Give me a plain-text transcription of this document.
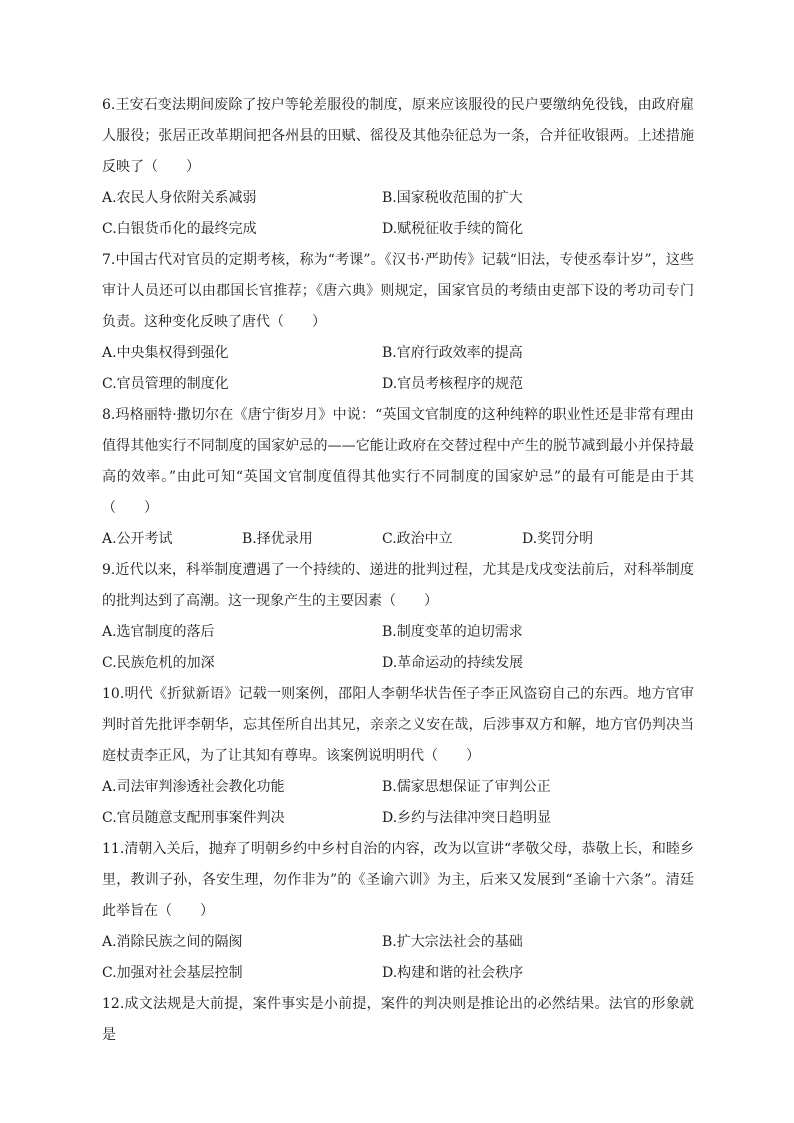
6.王安石变法期间废除了按户等轮差服役的制度，原来应该服役的民户要缴纳免役钱，由政府雇人服役；张居正改革期间把各州县的田赋、徭役及其他杂征总为一条，合并征收银两。上述措施反映了（　　）

A.农民人身依附关系减弱	B.国家税收范围的扩大
C.白银货币化的最终完成	D.赋税征收手续的简化

7.中国古代对官员的定期考核，称为“考课”。《汉书·严助传》记载“旧法，专使丞奉计岁”，这些审计人员还可以由郡国长官推荐；《唐六典》则规定，国家官员的考绩由吏部下设的考功司专门负责。这种变化反映了唐代（　　）

A.中央集权得到强化	B.官府行政效率的提高
C.官员管理的制度化	D.官员考核程序的规范

8.玛格丽特·撒切尔在《唐宁街岁月》中说：“英国文官制度的这种纯粹的职业性还是非常有理由值得其他实行不同制度的国家妒忌的——它能让政府在交替过程中产生的脱节减到最小并保持最高的效率。”由此可知“英国文官制度值得其他实行不同制度的国家妒忌”的最有可能是由于其（　　）

A.公开考试	B.择优录用	C.政治中立	D.奖罚分明

9.近代以来，科举制度遭遇了一个持续的、递进的批判过程，尤其是戊戌变法前后，对科举制度的批判达到了高潮。这一现象产生的主要因素（　　）

A.选官制度的落后	B.制度变革的迫切需求
C.民族危机的加深	D.革命运动的持续发展

10.明代《折狱新语》记载一则案例，邵阳人李朝华状告侄子李正风盗窃自己的东西。地方官审判时首先批评李朝华，忘其侄所自出其兄，亲亲之义安在哉，后涉事双方和解，地方官仍判决当庭杖责李正风，为了让其知有尊卑。该案例说明明代（　　）

A.司法审判渗透社会教化功能	B.儒家思想保证了审判公正
C.官员随意支配刑事案件判决	D.乡约与法律冲突日趋明显

11.清朝入关后，抛弃了明朝乡约中乡村自治的内容，改为以宣讲“孝敬父母，恭敬上长，和睦乡里，教训子孙，各安生理，勿作非为”的《圣谕六训》为主，后来又发展到“圣谕十六条”。清廷此举旨在（　　）

A.消除民族之间的隔阂	B.扩大宗法社会的基础
C.加强对社会基层控制	D.构建和谐的社会秩序

12.成文法规是大前提，案件事实是小前提，案件的判决则是推论出的必然结果。法官的形象就是
